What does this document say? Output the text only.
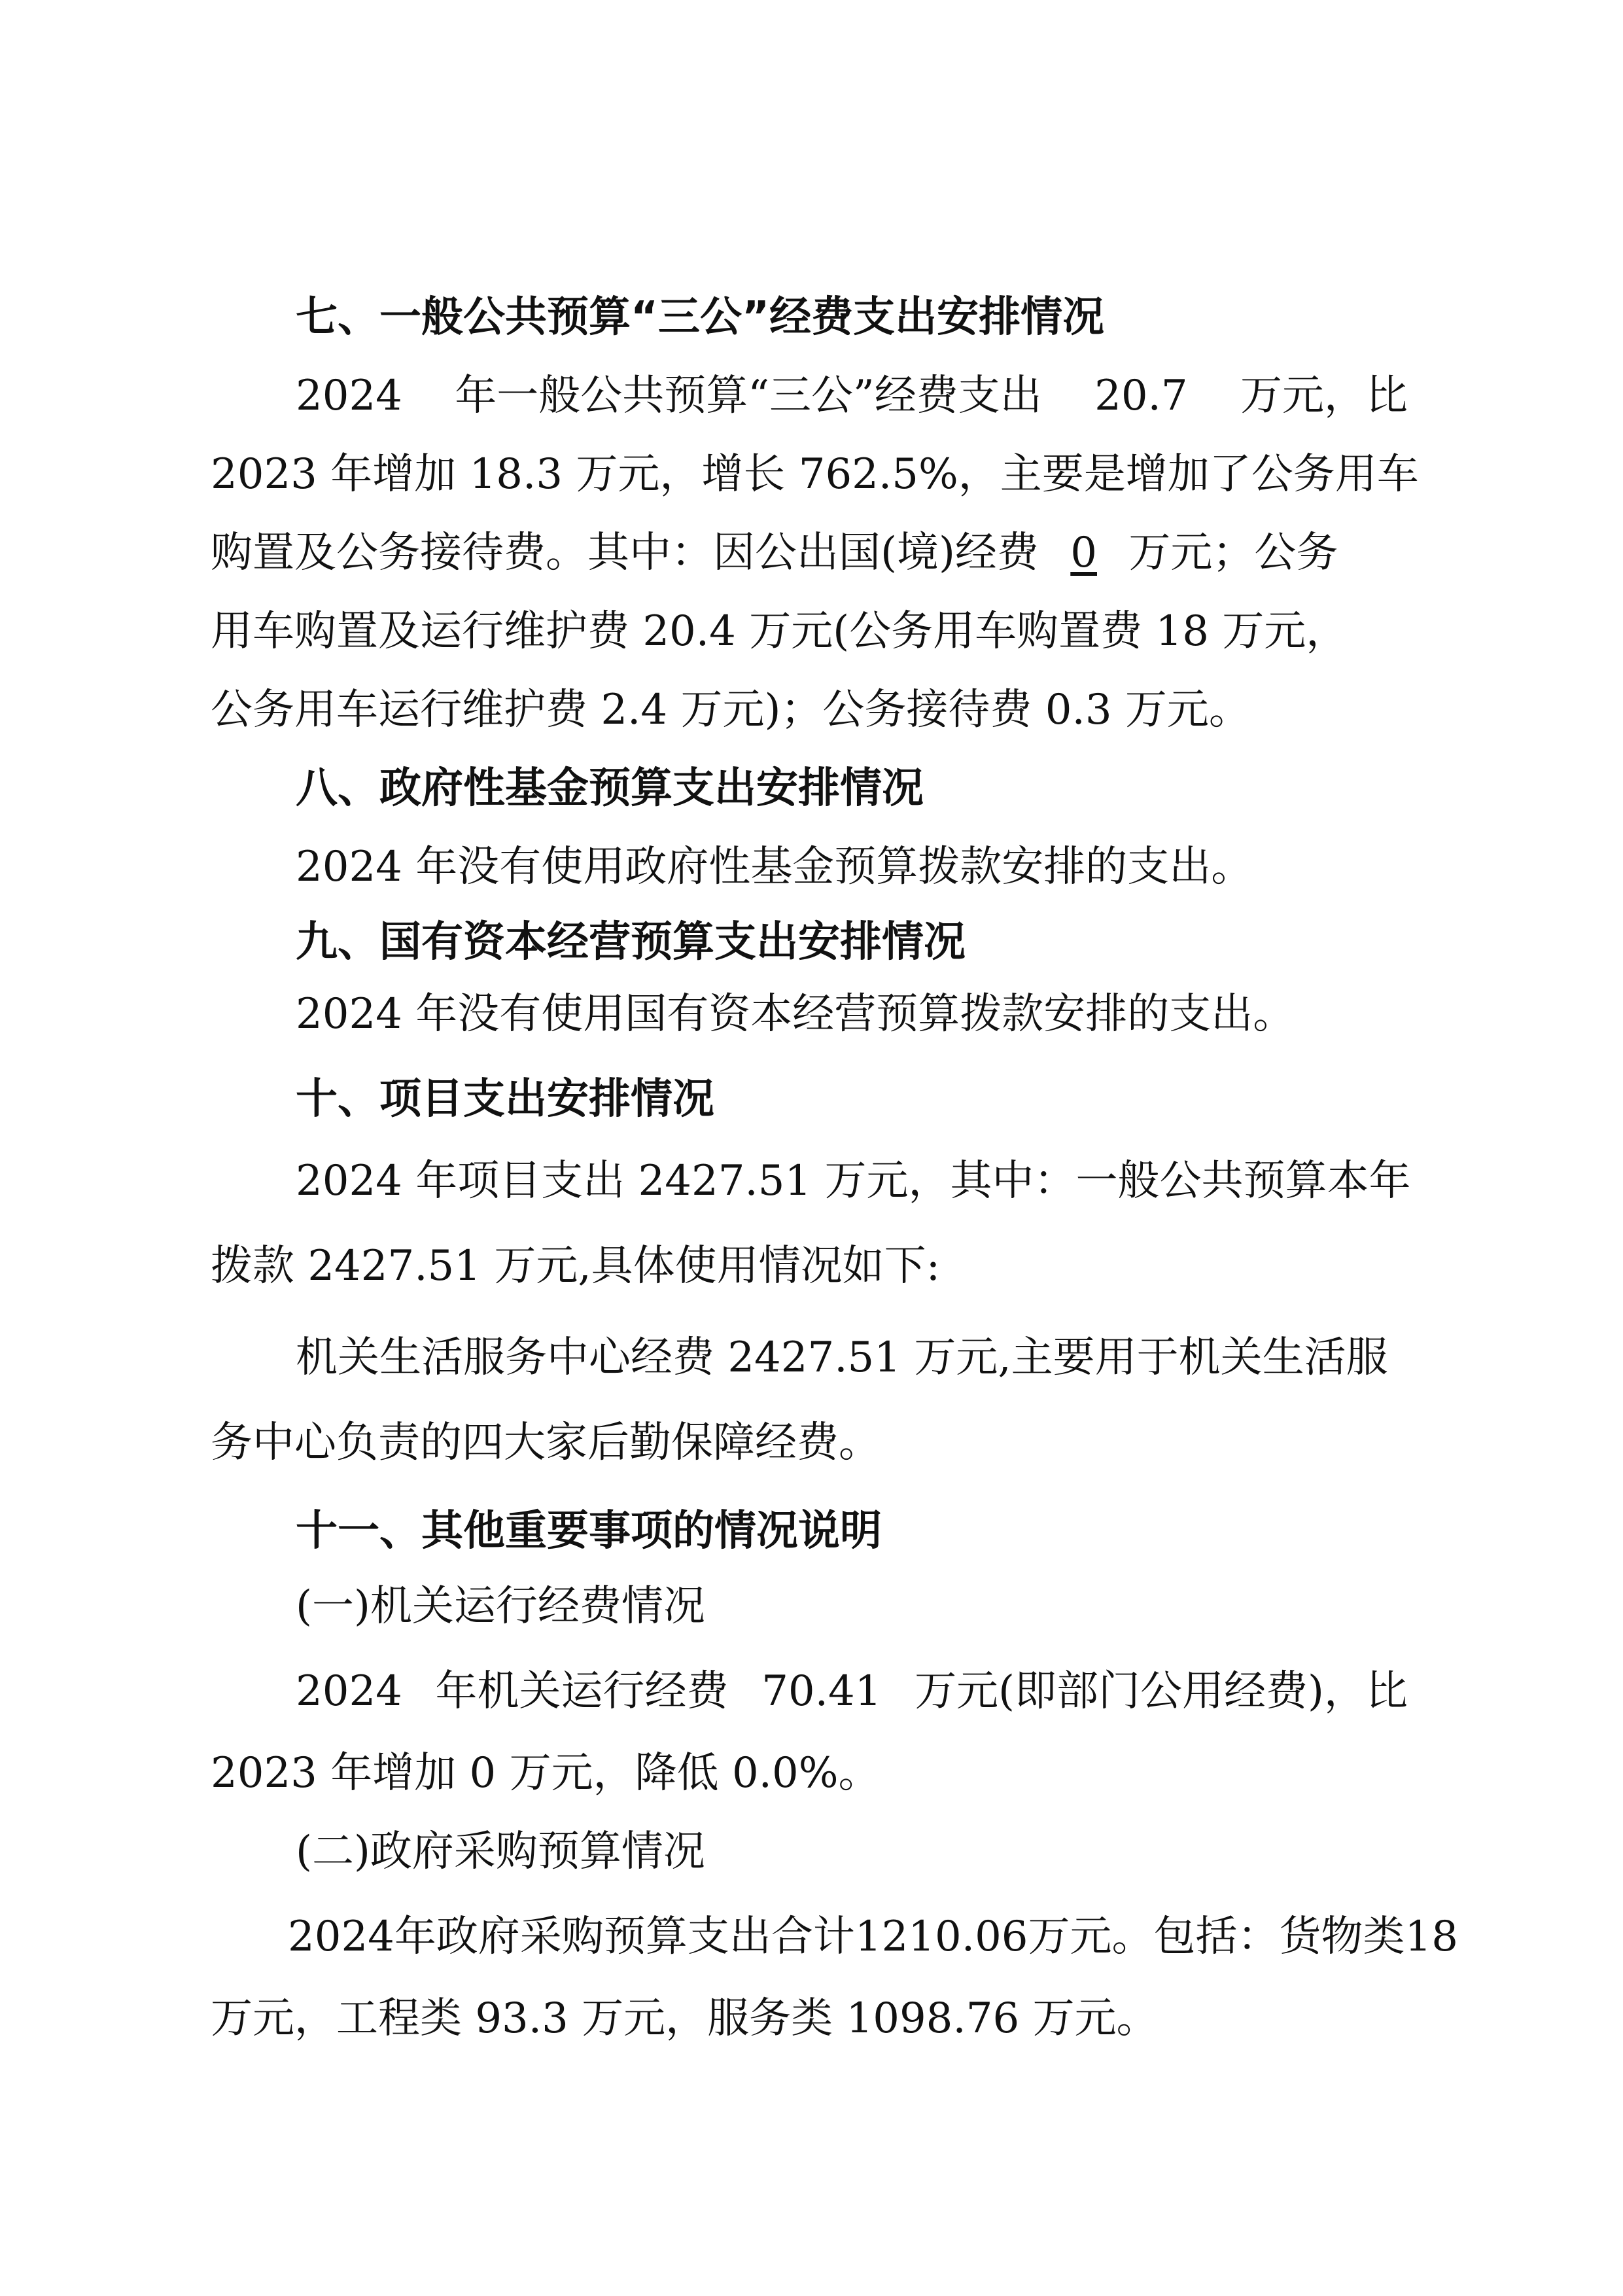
七、一般公共预算“三公”经费支出安排情况
2024 年一般公共预算“三公”经费支出 20.7 万元，比
2023 年增加 18.3 万元，增长 762.5%，主要是增加了公务用车
购置及公务接待费。其中：因公出国(境)经费 0 万元；公务
用车购置及运行维护费 20.4 万元(公务用车购置费 18 万元，
公务用车运行维护费 2.4 万元)；公务接待费 0.3 万元。
八、政府性基金预算支出安排情况
2024 年没有使用政府性基金预算拨款安排的支出。
九、国有资本经营预算支出安排情况
2024 年没有使用国有资本经营预算拨款安排的支出。
十、项目支出安排情况
2024 年项目支出 2427.51 万元，其中：一般公共预算本年
拨款 2427.51 万元,具体使用情况如下:
机关生活服务中心经费 2427.51 万元,主要用于机关生活服
务中心负责的四大家后勤保障经费。
十一、其他重要事项的情况说明
(一)机关运行经费情况
2024 年机关运行经费 70.41 万元(即部门公用经费)，比
2023 年增加 0 万元，降低 0.0%。
(二)政府采购预算情况
2024年政府采购预算支出合计1210.06万元。包括：货物类18
万元，工程类 93.3 万元，服务类 1098.76 万元。
